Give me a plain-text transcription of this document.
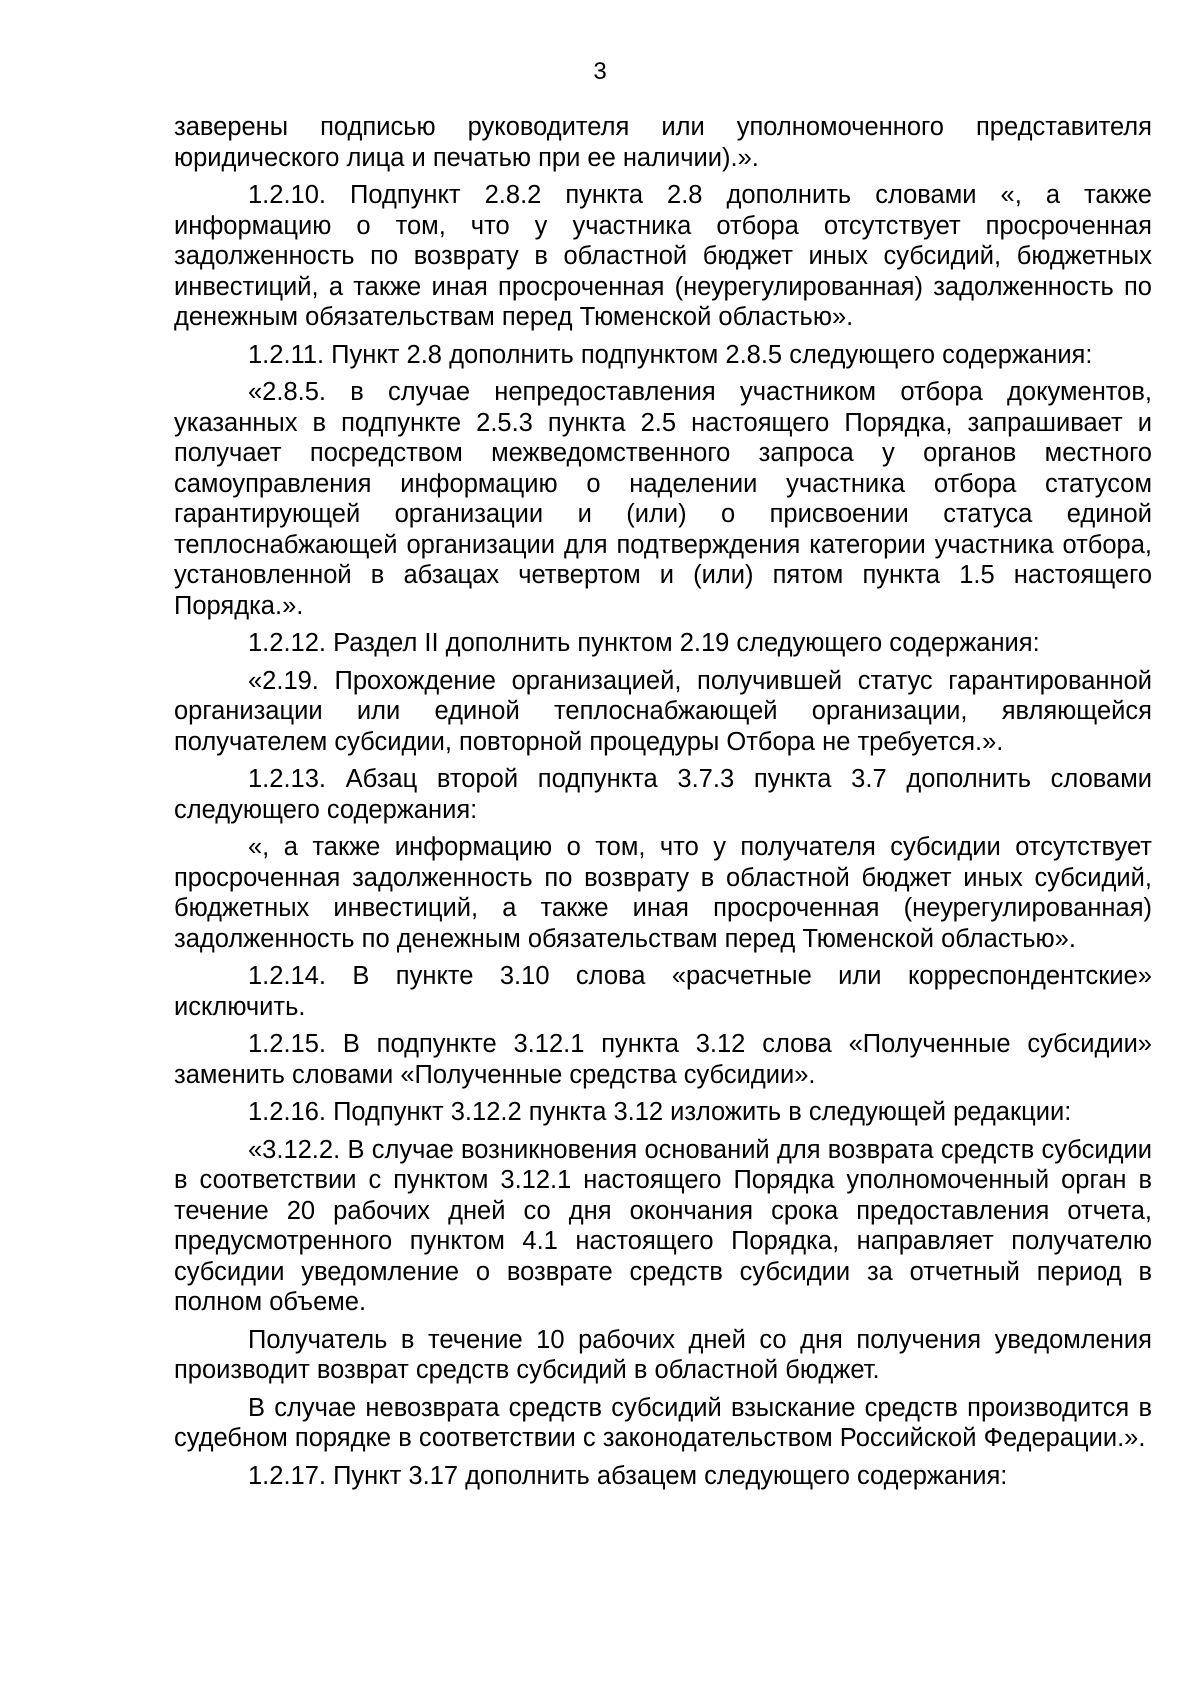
3

заверены подписью руководителя или уполномоченного представителя юридического лица и печатью при ее наличии).».

1.2.10. Подпункт 2.8.2 пункта 2.8 дополнить словами «, а также информацию о том, что у участника отбора отсутствует просроченная задолженность по возврату в областной бюджет иных субсидий, бюджетных инвестиций, а также иная просроченная (неурегулированная) задолженность по денежным обязательствам перед Тюменской областью».

1.2.11. Пункт 2.8 дополнить подпунктом 2.8.5 следующего содержания:

«2.8.5. в случае непредоставления участником отбора документов, указанных в подпункте 2.5.3 пункта 2.5 настоящего Порядка, запрашивает и получает посредством межведомственного запроса у органов местного самоуправления информацию о наделении участника отбора статусом гарантирующей организации и (или) о присвоении статуса единой теплоснабжающей организации для подтверждения категории участника отбора, установленной в абзацах четвертом и (или) пятом пункта 1.5 настоящего Порядка.».

1.2.12. Раздел II дополнить пунктом 2.19 следующего содержания:

«2.19. Прохождение организацией, получившей статус гарантированной организации или единой теплоснабжающей организации, являющейся получателем субсидии, повторной процедуры Отбора не требуется.».

1.2.13. Абзац второй подпункта 3.7.3 пункта 3.7 дополнить словами следующего содержания:

«, а также информацию о том, что у получателя субсидии отсутствует просроченная задолженность по возврату в областной бюджет иных субсидий, бюджетных инвестиций, а также иная просроченная (неурегулированная) задолженность по денежным обязательствам перед Тюменской областью».

1.2.14. В пункте 3.10 слова «расчетные или корреспондентские» исключить.

1.2.15. В подпункте 3.12.1 пункта 3.12 слова «Полученные субсидии» заменить словами «Полученные средства субсидии».

1.2.16. Подпункт 3.12.2 пункта 3.12 изложить в следующей редакции:

«3.12.2. В случае возникновения оснований для возврата средств субсидии в соответствии с пунктом 3.12.1 настоящего Порядка уполномоченный орган в течение 20 рабочих дней со дня окончания срока предоставления отчета, предусмотренного пунктом 4.1 настоящего Порядка, направляет получателю субсидии уведомление о возврате средств субсидии за отчетный период в полном объеме.

Получатель в течение 10 рабочих дней со дня получения уведомления производит возврат средств субсидий в областной бюджет.

В случае невозврата средств субсидий взыскание средств производится в судебном порядке в соответствии с законодательством Российской Федерации.».

1.2.17. Пункт 3.17 дополнить абзацем следующего содержания:
